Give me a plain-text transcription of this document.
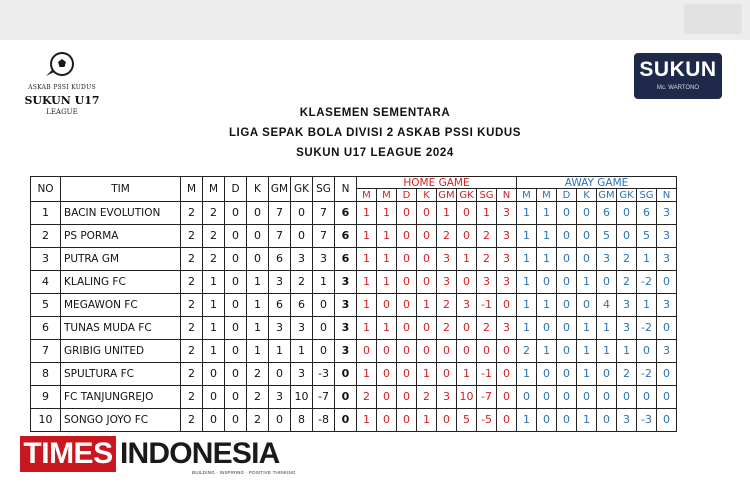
ASKAB PSSI KUDUS
SUKUN U17
LEAGUE
SUKUN
Mc. WARTONO
KLASEMEN SEMENTARA
LIGA SEPAK BOLA DIVISI 2 ASKAB PSSI KUDUS
SUKUN U17 LEAGUE 2024
NO	TIM	M	M	D	K	GM	GK	SG	N	HOME GAME								AWAY GAME							
										M	M	D	K	GM	GK	SG	N	M	M	D	K	GM	GK	SG	N
1	BACIN EVOLUTION	2	2	0	0	7	0	7	6	1	1	0	0	1	0	1	3	1	1	0	0	6	0	6	3
2	PS PORMA	2	2	0	0	7	0	7	6	1	1	0	0	2	0	2	3	1	1	0	0	5	0	5	3
3	PUTRA GM	2	2	0	0	6	3	3	6	1	1	0	0	3	1	2	3	1	1	0	0	3	2	1	3
4	KLALING FC	2	1	0	1	3	2	1	3	1	1	0	0	3	0	3	3	1	0	0	1	0	2	-2	0
5	MEGAWON FC	2	1	0	1	6	6	0	3	1	0	0	1	2	3	-1	0	1	1	0	0	4	3	1	3
6	TUNAS MUDA FC	2	1	0	1	3	3	0	3	1	1	0	0	2	0	2	3	1	0	0	1	1	3	-2	0
7	GRIBIG UNITED	2	1	0	1	1	1	0	3	0	0	0	0	0	0	0	0	2	1	0	1	1	1	0	3
8	SPULTURA FC	2	0	0	2	0	3	-3	0	1	0	0	1	0	1	-1	0	1	0	0	1	0	2	-2	0
9	FC TANJUNGREJO	2	0	0	2	3	10	-7	0	2	0	0	2	3	10	-7	0	0	0	0	0	0	0	0	0
10	SONGO JOYO FC	2	0	0	2	0	8	-8	0	1	0	0	1	0	5	-5	0	1	0	0	1	0	3	-3	0
TIMES INDONESIA
BUILDING · INSPIRING · POSITIVE THINKING
